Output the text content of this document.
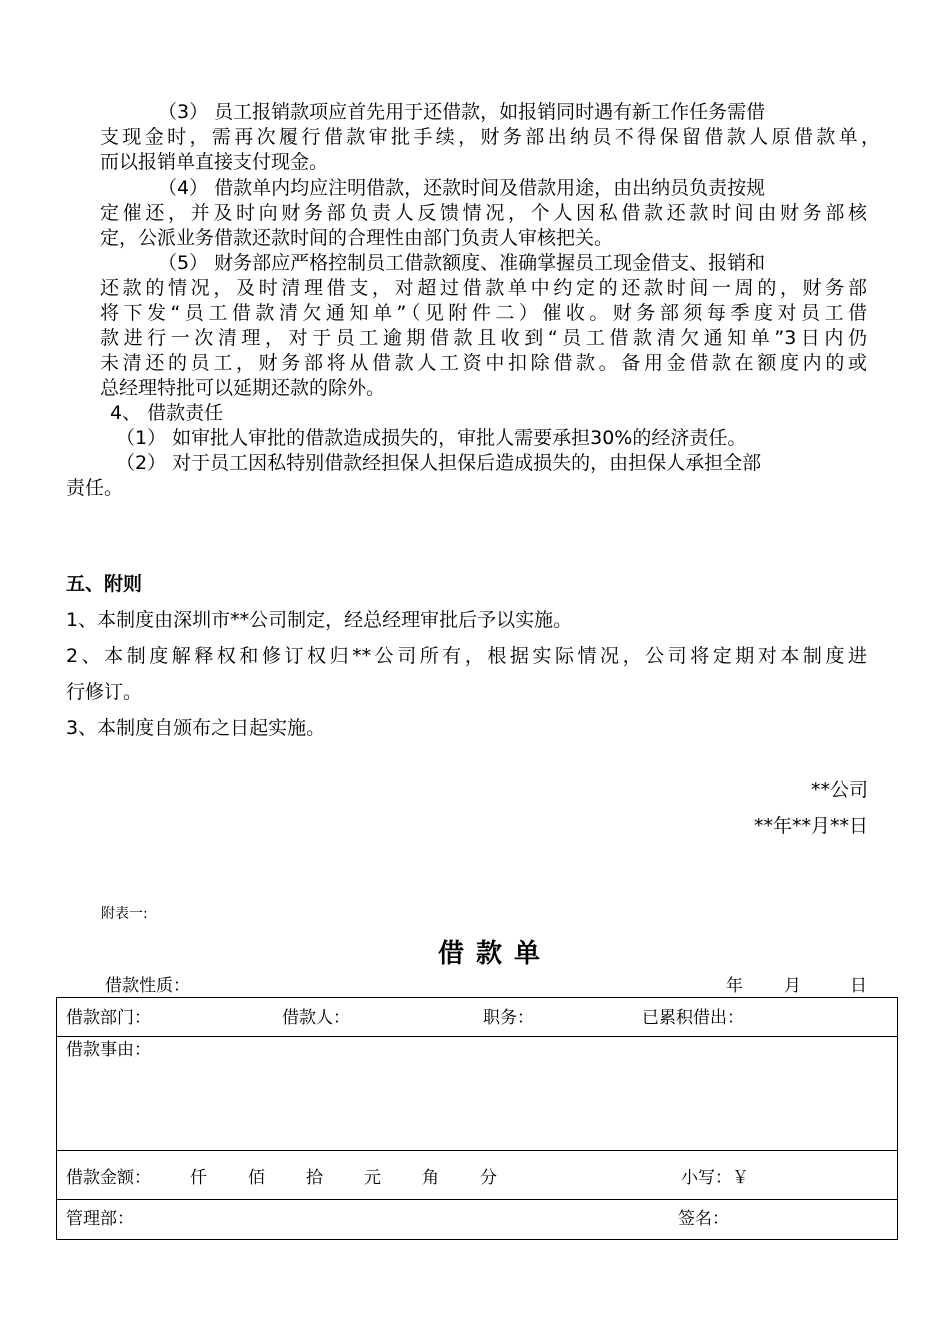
（3） 员工报销款项应首先用于还借款，如报销同时遇有新工作任务需借
支现金时，需再次履行借款审批手续，财务部出纳员不得保留借款人原借款单，
而以报销单直接支付现金。
（4） 借款单内均应注明借款，还款时间及借款用途，由出纳员负责按规
定催还，并及时向财务部负责人反馈情况，个人因私借款还款时间由财务部核
定，公派业务借款还款时间的合理性由部门负责人审核把关。
（5） 财务部应严格控制员工借款额度、准确掌握员工现金借支、报销和
还款的情况，及时清理借支，对超过借款单中约定的还款时间一周的，财务部
将下发“员工借款清欠通知单”（见附件二）催收。财务部须每季度对员工借
款进行一次清理，对于员工逾期借款且收到“员工借款清欠通知单”3日内仍
未清还的员工，财务部将从借款人工资中扣除借款。备用金借款在额度内的或
总经理特批可以延期还款的除外。
4、 借款责任
（1） 如审批人审批的借款造成损失的，审批人需要承担30%的经济责任。
（2） 对于员工因私特别借款经担保人担保后造成损失的，由担保人承担全部
责任。
五、附则
1、本制度由深圳市**公司制定，经总经理审批后予以实施。
2、本制度解释权和修订权归**公司所有，根据实际情况，公司将定期对本制度进
行修订。
3、本制度自颁布之日起实施。
**公司
**年**月**日
附表一:
借款单
借款性质：	年 月	日
借款部门：	借款人：	职务：	已累积借出：
借款事由：
借款金额： 仟 佰 拾 元 角 分	小写：￥
管理部：	签名：
